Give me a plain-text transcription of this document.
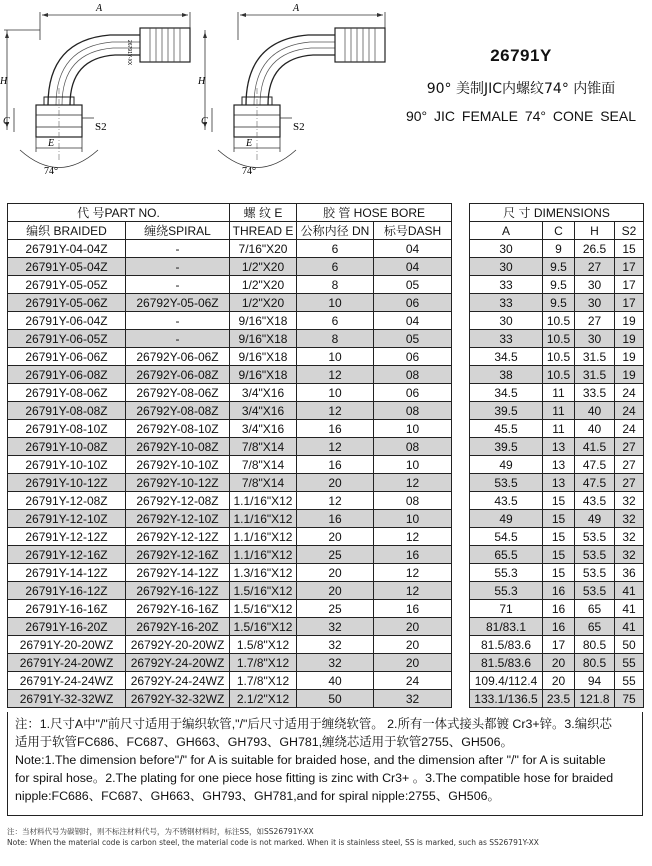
A
H
C
26791Y-XX
S2
E
74°
A
H
C	S2
E
74°
26791Y
90° 美制JIC内螺纹74° 内锥面
90° JIC FEMALE 74° CONE SEAL
代 号PART NO.		螺 纹 E	胶 管 HOSE BORE			尺 寸 DIMENSIONS			
编织 BRAIDED	缠绕SPIRAL	THREAD E	公称内径 DN	标号DASH		A	C	H	S2
26791Y-04-04Z	-	7/16"X20	6	04		30	9	26.5	15
26791Y-05-04Z	-	1/2"X20	6	04		30	9.5	27	17
26791Y-05-05Z	-	1/2"X20	8	05		33	9.5	30	17
26791Y-05-06Z	26792Y-05-06Z	1/2"X20	10	06		33	9.5	30	17
26791Y-06-04Z	-	9/16"X18	6	04		30	10.5	27	19
26791Y-06-05Z	-	9/16"X18	8	05		33	10.5	30	19
26791Y-06-06Z	26792Y-06-06Z	9/16"X18	10	06		34.5	10.5	31.5	19
26791Y-06-08Z	26792Y-06-08Z	9/16"X18	12	08		38	10.5	31.5	19
26791Y-08-06Z	26792Y-08-06Z	3/4"X16	10	06		34.5	11	33.5	24
26791Y-08-08Z	26792Y-08-08Z	3/4"X16	12	08		39.5	11	40	24
26791Y-08-10Z	26792Y-08-10Z	3/4"X16	16	10		45.5	11	40	24
26791Y-10-08Z	26792Y-10-08Z	7/8"X14	12	08		39.5	13	41.5	27
26791Y-10-10Z	26792Y-10-10Z	7/8"X14	16	10		49	13	47.5	27
26791Y-10-12Z	26792Y-10-12Z	7/8"X14	20	12		53.5	13	47.5	27
26791Y-12-08Z	26792Y-12-08Z	1.1/16"X12	12	08		43.5	15	43.5	32
26791Y-12-10Z	26792Y-12-10Z	1.1/16"X12	16	10		49	15	49	32
26791Y-12-12Z	26792Y-12-12Z	1.1/16"X12	20	12		54.5	15	53.5	32
26791Y-12-16Z	26792Y-12-16Z	1.1/16"X12	25	16		65.5	15	53.5	32
26791Y-14-12Z	26792Y-14-12Z	1.3/16"X12	20	12		55.3	15	53.5	36
26791Y-16-12Z	26792Y-16-12Z	1.5/16"X12	20	12		55.3	16	53.5	41
26791Y-16-16Z	26792Y-16-16Z	1.5/16"X12	25	16		71	16	65	41
26791Y-16-20Z	26792Y-16-20Z	1.5/16"X12	32	20		81/83.1	16	65	41
26791Y-20-20WZ	26792Y-20-20WZ	1.5/8"X12	32	20		81.5/83.6	17	80.5	50
26791Y-24-20WZ	26792Y-24-20WZ	1.7/8"X12	32	20		81.5/83.6	20	80.5	55
26791Y-24-24WZ	26792Y-24-24WZ	1.7/8"X12	40	24		109.4/112.4	20	94	55
26791Y-32-32WZ	26792Y-32-32WZ	2.1/2"X12	50	32		133.1/136.5	23.5	121.8	75

注：1.尺寸A中"/"前尺寸适用于编织软管,"/"后尺寸适用于缠绕软管。 2.所有一体式接头都镀 Cr3+锌。3.编织芯

适用于软管FC686、FC687、GH663、GH793、GH781,缠绕芯适用于软管2755、GH506。

Note:1.The dimension before"/" for A is suitable for braided hose, and the dimension after "/" for A is suitable

for spiral hose。2.The plating for one piece hose fitting is zinc with Cr3+ 。3.The compatible hose for braided

nipple:FC686、FC687、GH663、GH793、GH781,and for spiral nipple:2755、GH506。

注：当材料代号为碳钢时，则不标注材料代号，为不锈钢材料时，标注SS，如SS26791Y-XX
Note: When the material code is carbon steel, the material code is not marked. When it is stainless steel, SS is marked, such as SS26791Y-XX
